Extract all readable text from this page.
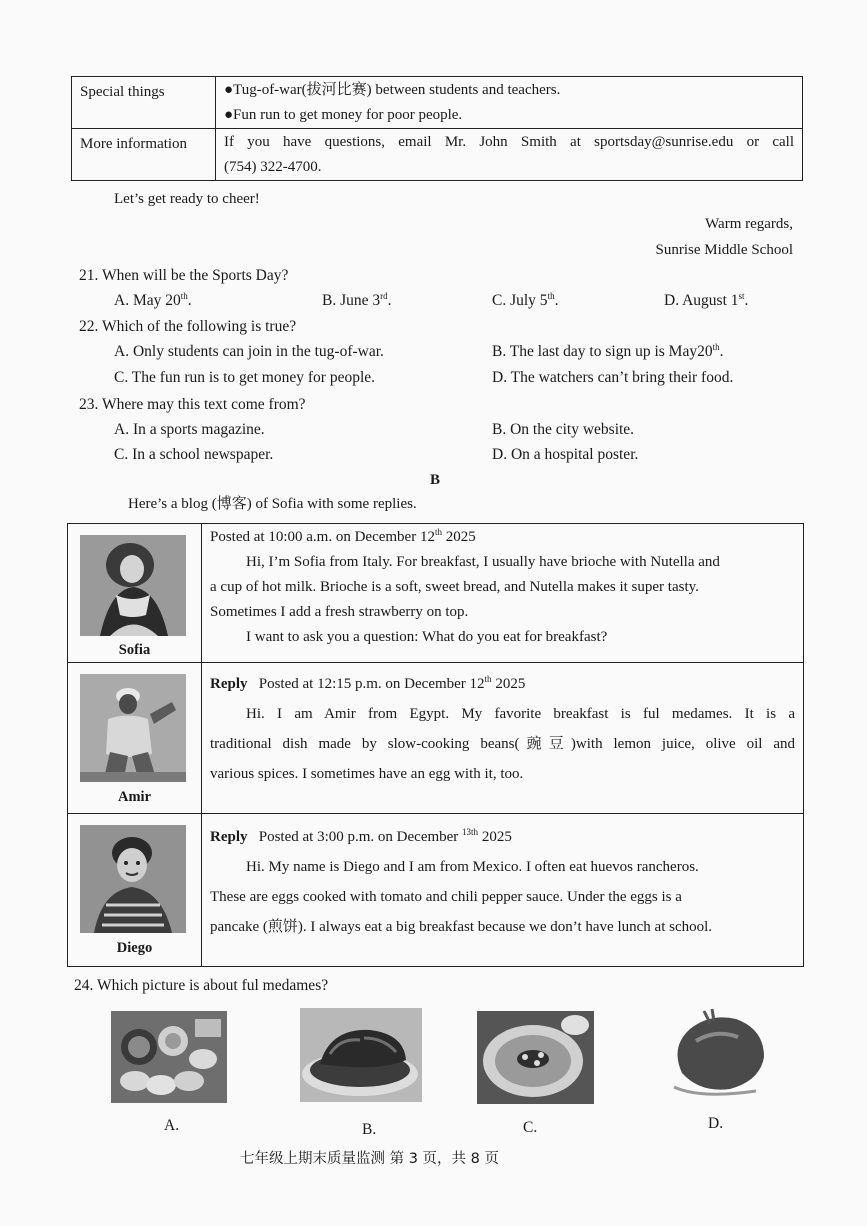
Special things	●Tug-of-war(拔河比赛) between students and teachers.
●Fun run to get money for poor people.

More information	If you have questions, email Mr. John Smith at sportsday@sunrise.edu or call
(754) 322-4700.
Let’s get ready to cheer!
Warm regards,
Sunrise Middle School
21. When will be the Sports Day?
A. May 20th.	B. June 3rd.	C. July 5th.	D. August 1st.
22. Which of the following is true?
A. Only students can join in the tug-of-war.	B. The last day to sign up is May20th.
C. The fun run is to get money for people.	D. The watchers can’t bring their food.
23. Where may this text come from?
A. In a sports magazine.	B. On the city website.
C. In a school newspaper.	D. On a hospital poster.
B
Here’s a blog (博客) of Sofia with some replies.
Sofia
Posted at 10:00 a.m. on December 12th 2025
Hi, I’m Sofia from Italy. For breakfast, I usually have brioche with Nutella and
a cup of hot milk. Brioche is a soft, sweet bread, and Nutella makes it super tasty.
Sometimes I add a fresh strawberry on top.
I want to ask you a question: What do you eat for breakfast?
Amir
Reply Posted at 12:15 p.m. on December 12th 2025
Hi. I am Amir from Egypt. My favorite breakfast is ful medames. It is a
traditional dish made by slow-cooking beans(豌豆)with lemon juice, olive oil and
various spices. I sometimes have an egg with it, too.
Diego
Reply Posted at 3:00 p.m. on December $^{13th}$ 2025
Hi. My name is Diego and I am from Mexico. I often eat huevos rancheros.
These are eggs cooked with tomato and chili pepper sauce. Under the eggs is a
pancake (煎饼). I always eat a big breakfast because we don’t have lunch at school.
24. Which picture is about ful medames?
A.	B.	C.	D.
七年级上期末质量监测 第 3 页，共 8 页
